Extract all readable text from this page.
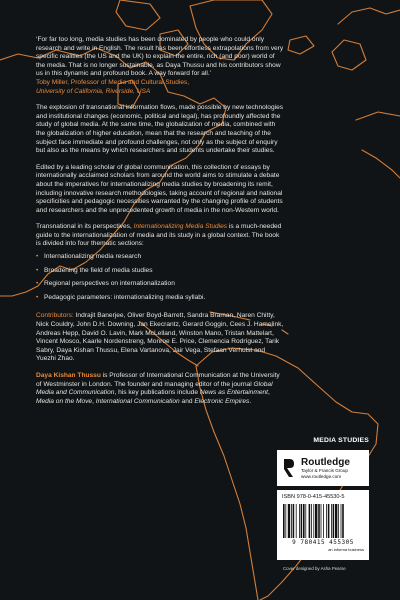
‘For far too long, media studies has been dominated by people who could only research and write in English. The result has been effortless extrapolations from very specific realities (the US and the UK) to explain the entire, rich (and poor) world of the media. That is no longer sustainable, as Daya Thussu and his contributors show us in this dynamic and profound book. A way forward for all.’
Toby Miller, Professor of Media and Cultural Studies,
University of California, Riverside, USA

The explosion of transnational information flows, made possible by new technologies and institutional changes (economic, political and legal), has profoundly affected the study of global media. At the same time, the globalization of media, combined with the globalization of higher education, mean that the research and teaching of the subject face immediate and profound challenges, not only as the subject of enquiry but also as the means by which researchers and students undertake their studies.

Edited by a leading scholar of global communication, this collection of essays by internationally acclaimed scholars from around the world aims to stimulate a debate about the imperatives for internationalizing media studies by broadening its remit, including innovative research methodologies, taking account of regional and national specificities and pedagogic necessities warranted by the changing profile of students and researchers and the unprecedented growth of media in the non-Western world.

Transnational in its perspectives, Internationalizing Media Studies is a much-needed guide to the internationalization of media and its study in a global context. The book is divided into four thematic sections:

• Internationalizing media research
• Broadening the field of media studies
• Regional perspectives on internationalization
• Pedagogic parameters: internationalizing media syllabi.

Contributors: Indrajit Banerjee, Oliver Boyd-Barrett, Sandra Braman, Naren Chitty, Nick Couldry, John D.H. Downing, Jan Ekecrantz, Gerard Goggin, Cees J. Hamelink, Andreas Hepp, David O. Lavin, Mark McLelland, Winston Mano, Tristan Mattelart, Vincent Mosco, Kaarle Nordenstreng, Monroe E. Price, Clemencia Rodríguez, Tarik Sabry, Daya Kishan Thussu, Elena Vartanova, Jair Vega, Stefaan Verhulst and Yuezhi Zhao.

Daya Kishan Thussu is Professor of International Communication at the University of Westminster in London. The founder and managing editor of the journal Global Media and Communication, his key publications include News as Entertainment, Media on the Move, International Communication and Electronic Empires.

MEDIA STUDIES
Routledge
Taylor & Francis Group
www.routledge.com
ISBN 978-0-415-45530-5
9 780415 455305
an informa business
Cover designed by Asha Pearse
